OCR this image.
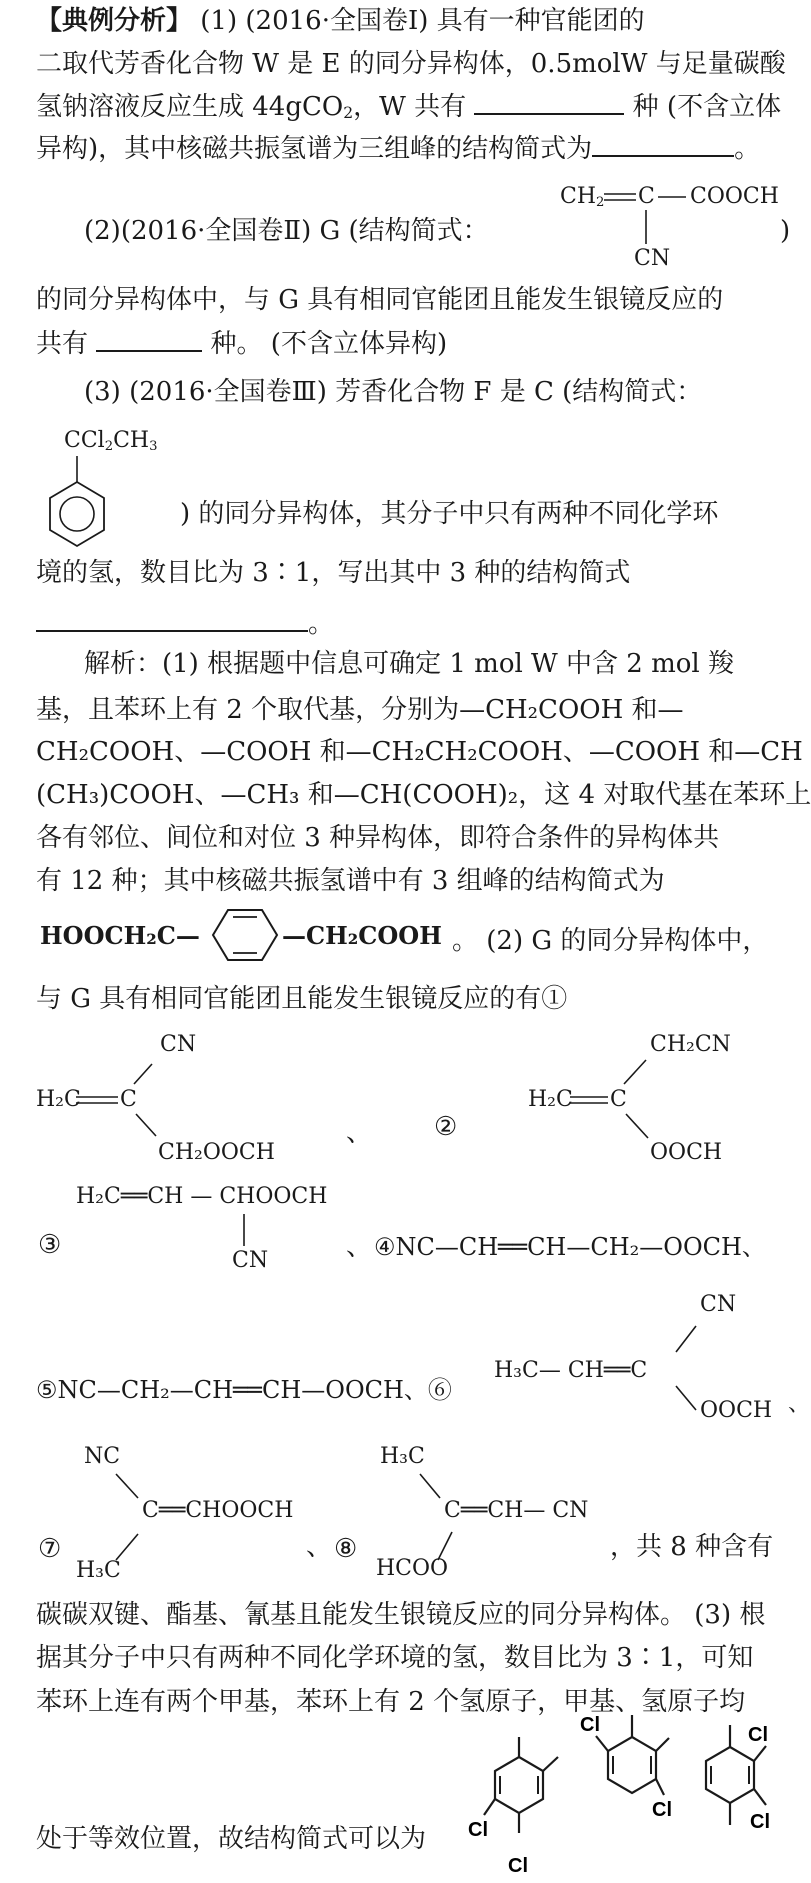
【典例分析】 (1) (2016·全国卷Ⅰ) 具有一种官能团的
二取代芳香化合物 W 是 E 的同分异构体，0.5molW 与足量碳酸
氢钠溶液反应生成 44gCO$_2$，W 共有	种 (不含立体
异构)，其中核磁共振氢谱为三组峰的结构简式为	。
(2)(2016·全国卷Ⅱ) G (结构简式：
$CH_2$ C COOCH
CN
)
的同分异构体中，与 G 具有相同官能团且能发生银镜反应的
共有	种。 (不含立体异构)
(3) (2016·全国卷Ⅲ) 芳香化合物 F 是 C (结构简式：
$CCl_2CH_3$
) 的同分异构体，其分子中只有两种不同化学环
境的氢，数目比为 3∶1，写出其中 3 种的结构简式
。
解析：(1) 根据题中信息可确定 1 mol W 中含 2 mol 羧
基，且苯环上有 2 个取代基，分别为—CH₂COOH 和—
CH₂COOH、—COOH 和—CH₂CH₂COOH、—COOH 和—CH
(CH₃)COOH、—CH₃ 和—CH(COOH)₂，这 4 对取代基在苯环上
各有邻位、间位和对位 3 种异构体，即符合条件的异构体共
有 12 种；其中核磁共振氢谱中有 3 组峰的结构简式为
HOOCH₂C—	—CH₂COOH 。 (2) G 的同分异构体中，
与 G 具有相同官能团且能发生银镜反应的有①
CN
H₂C C
CH₂OOCH
、 ②
CH₂CN
H₂C C
OOCH
H₂C══CH — CHOOCH
③
CN	、 ④NC—CH══CH—CH₂—OOCH、
⑤NC—CH₂—CH══CH—OOCH、⑥
CN
H₃C— CH══C
OOCH 、
NC
C══CHOOCH
⑦
H₃C
、 ⑧
H₃C
C══CH— CN
HCOO
，共 8 种含有
碳碳双键、酯基、氰基且能发生银镜反应的同分异构体。 (3) 根
据其分子中只有两种不同化学环境的氢，数目比为 3∶1，可知
苯环上连有两个甲基，苯环上有 2 个氢原子，甲基、氢原子均
处于等效位置，故结构简式可以为 Cl
Cl
Cl
Cl
Cl
Cl
